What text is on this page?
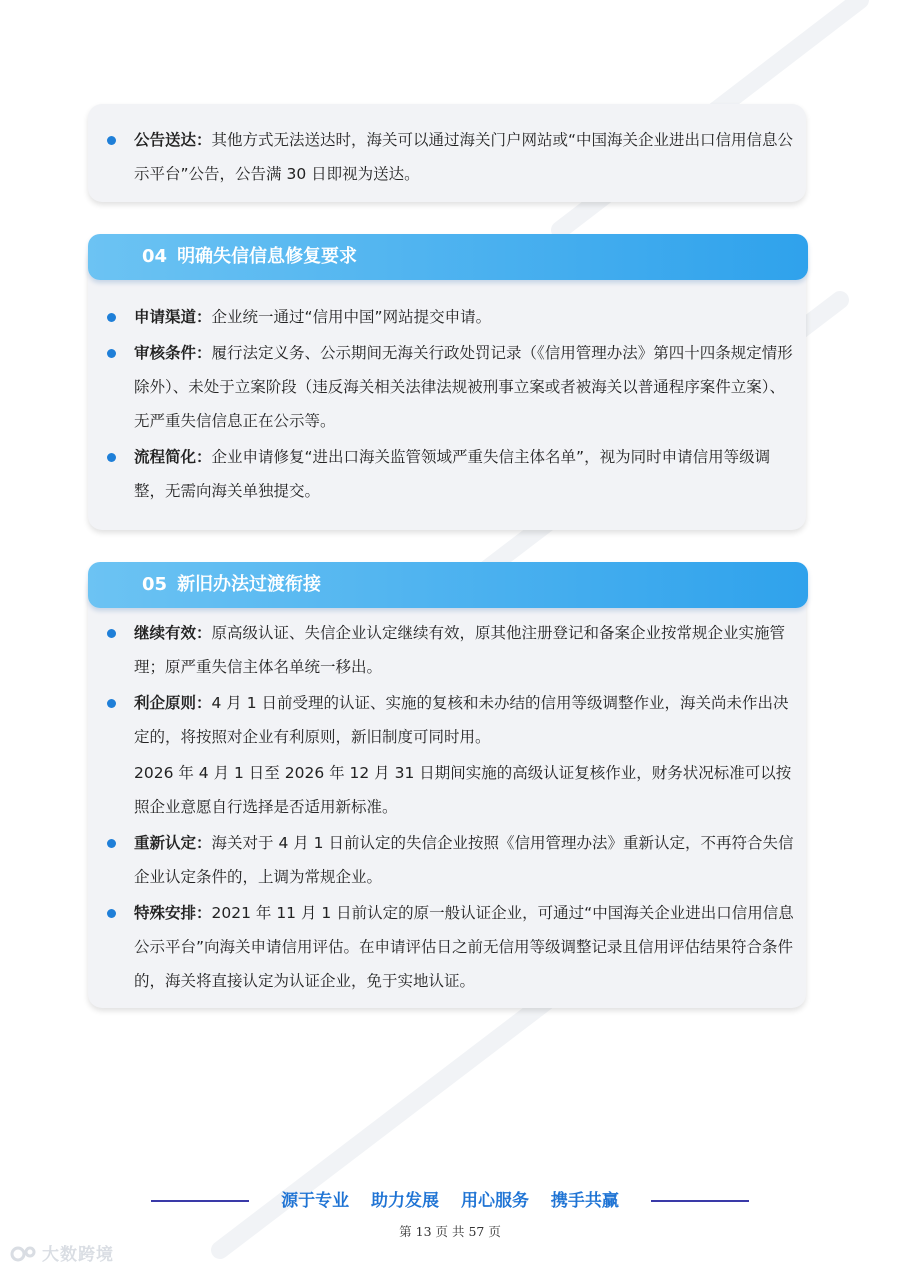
公告送达：其他方式无法送达时，海关可以通过海关门户网站或“中国海关企业进出口信用信息公示平台”公告，公告满 30 日即视为送达。
04 明确失信信息修复要求
申请渠道：企业统一通过“信用中国”网站提交申请。
审核条件：履行法定义务、公示期间无海关行政处罚记录（《信用管理办法》第四十四条规定情形除外）、未处于立案阶段（违反海关相关法律法规被刑事立案或者被海关以普通程序案件立案）、无严重失信信息正在公示等。
流程简化：企业申请修复“进出口海关监管领域严重失信主体名单”，视为同时申请信用等级调整，无需向海关单独提交。
05 新旧办法过渡衔接
继续有效：原高级认证、失信企业认定继续有效，原其他注册登记和备案企业按常规企业实施管理；原严重失信主体名单统一移出。
利企原则：4 月 1 日前受理的认证、实施的复核和未办结的信用等级调整作业，海关尚未作出决定的，将按照对企业有利原则，新旧制度可同时用。
2026 年 4 月 1 日至 2026 年 12 月 31 日期间实施的高级认证复核作业，财务状况标准可以按照企业意愿自行选择是否适用新标准。
重新认定：海关对于 4 月 1 日前认定的失信企业按照《信用管理办法》重新认定，不再符合失信企业认定条件的，上调为常规企业。
特殊安排：2021 年 11 月 1 日前认定的原一般认证企业，可通过“中国海关企业进出口信用信息公示平台”向海关申请信用评估。在申请评估日之前无信用等级调整记录且信用评估结果符合条件的，海关将直接认定为认证企业，免于实地认证。
源于专业 助力发展 用心服务 携手共赢
第 13 页 共 57 页
大数跨境
